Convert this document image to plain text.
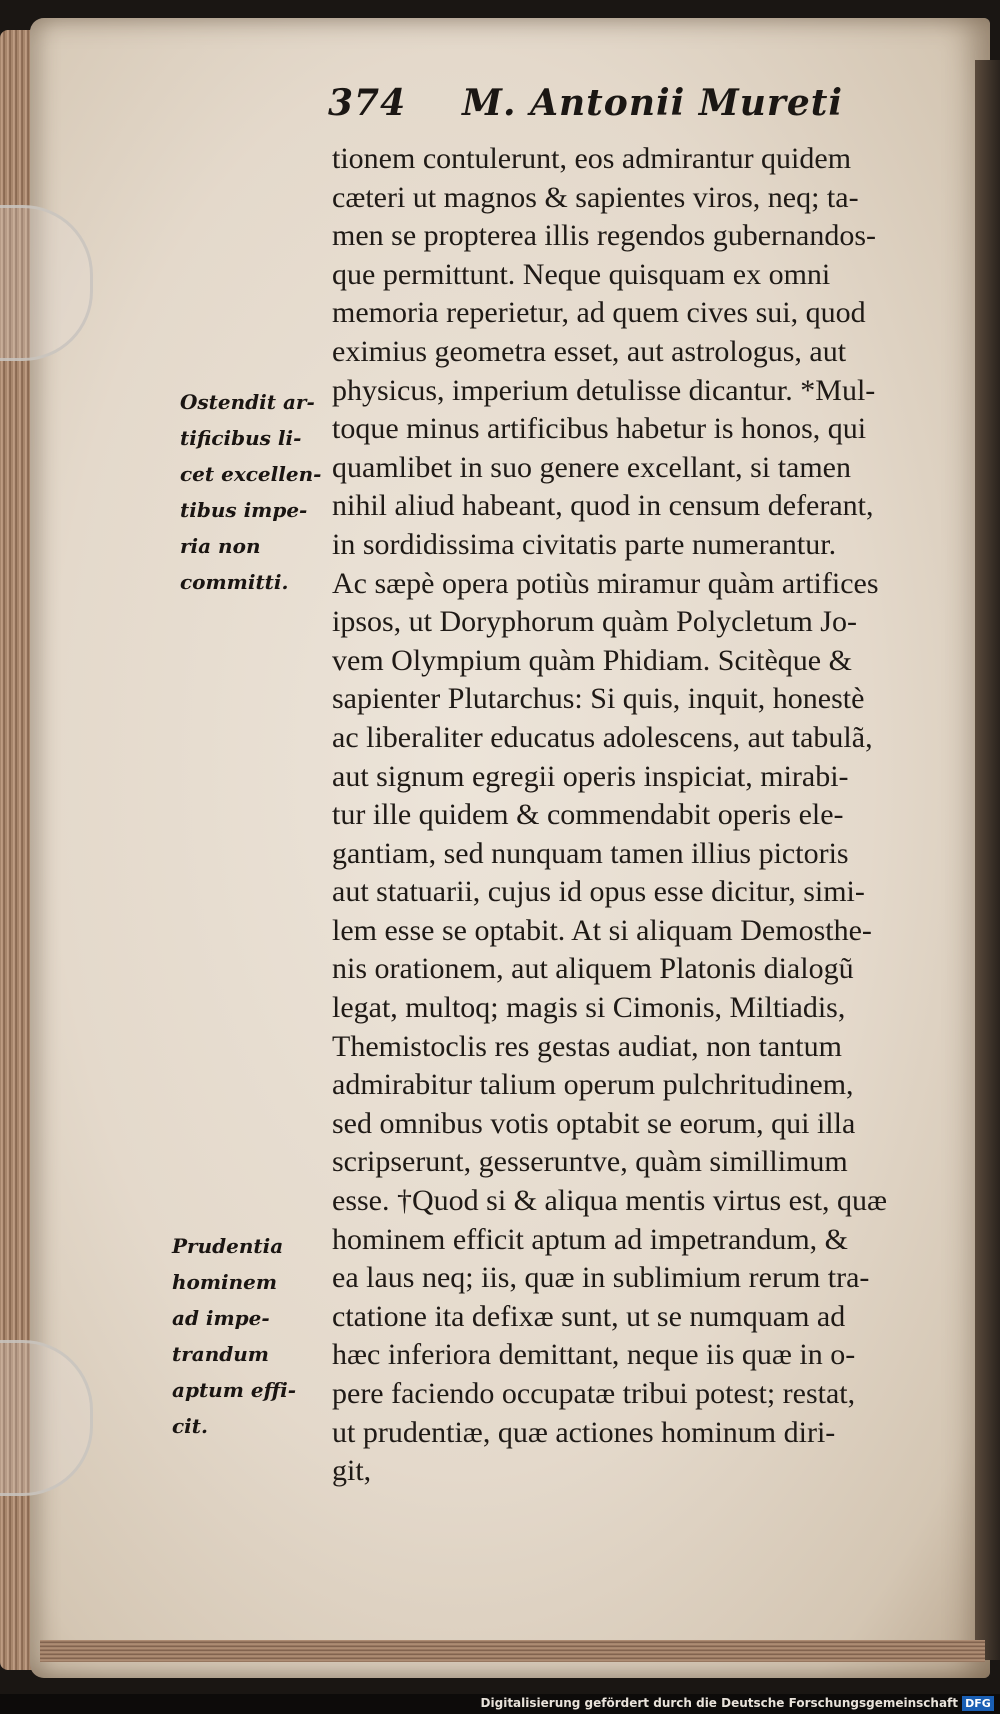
374 M. Antonii Mureti
tionem contulerunt, eos admirantur quidem
cæteri ut magnos & sapientes viros, neq; ta-
men se propterea illis regendos gubernandos-
que permittunt. Neque quisquam ex omni
memoria reperietur, ad quem cives sui, quod
eximius geometra esset, aut astrologus, aut
physicus, imperium detulisse dicantur. *Mul-
toque minus artificibus habetur is honos, qui
quamlibet in suo genere excellant, si tamen
nihil aliud habeant, quod in censum deferant,
in sordidissima civitatis parte numerantur.
Ac sæpè opera potiùs miramur quàm artifices
ipsos, ut Doryphorum quàm Polycletum Jo-
vem Olympium quàm Phidiam. Scitèque &
sapienter Plutarchus: Si quis, inquit, honestè
ac liberaliter educatus adolescens, aut tabulã,
aut signum egregii operis inspiciat, mirabi-
tur ille quidem & commendabit operis ele-
gantiam, sed nunquam tamen illius pictoris
aut statuarii, cujus id opus esse dicitur, simi-
lem esse se optabit. At si aliquam Demosthe-
nis orationem, aut aliquem Platonis dialogũ
legat, multoq; magis si Cimonis, Miltiadis,
Themistoclis res gestas audiat, non tantum
admirabitur talium operum pulchritudinem,
sed omnibus votis optabit se eorum, qui illa
scripserunt, gesseruntve, quàm simillimum
esse. †Quod si & aliqua mentis virtus est, quæ
hominem efficit aptum ad impetrandum, &
ea laus neq; iis, quæ in sublimium rerum tra-
ctatione ita defixæ sunt, ut se numquam ad
hæc inferiora demittant, neque iis quæ in o-
pere faciendo occupatæ tribui potest; restat,
ut prudentiæ, quæ actiones hominum diri-
git,
Ostendit ar-
tificibus li-
cet excellen-
tibus impe-
ria non
committi.
Prudentia
hominem
ad impe-
trandum
aptum effi-
cit.
Digitalisierung gefördert durch die Deutsche Forschungsgemeinschaft DFG
